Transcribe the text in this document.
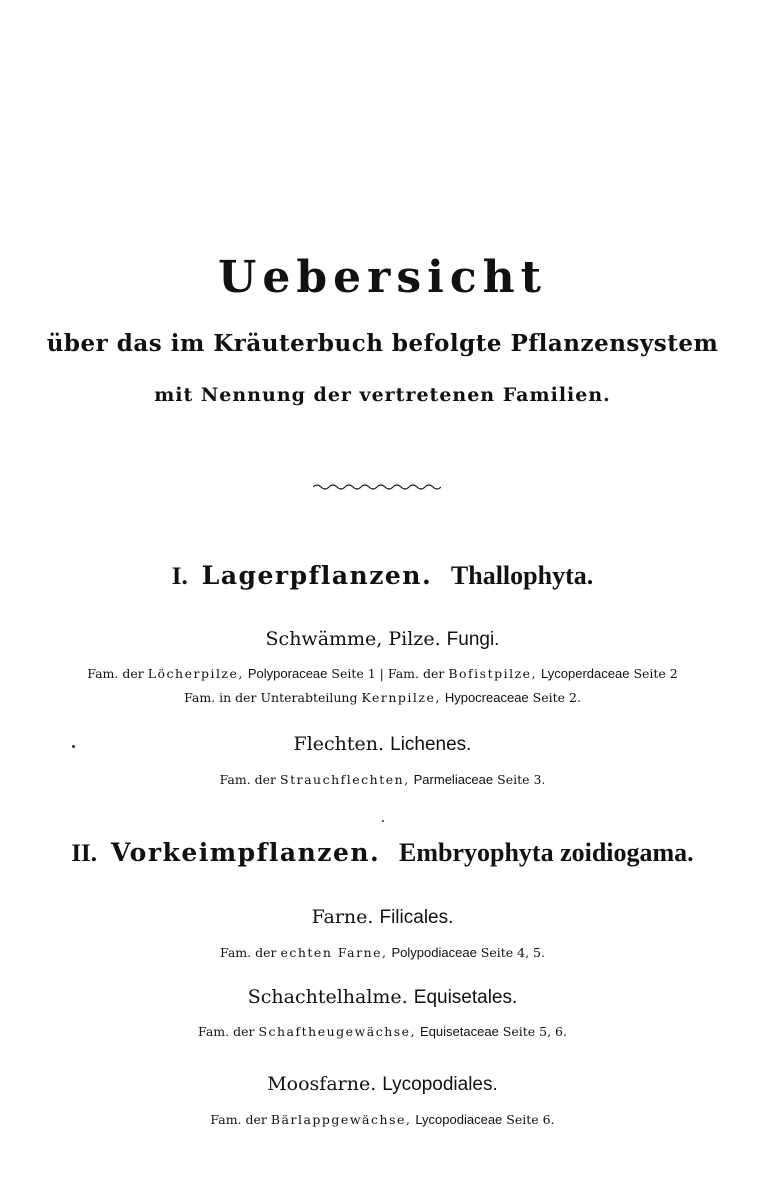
Uebersicht
über das im Kräuterbuch befolgte Pflanzensystem
mit Nennung der vertretenen Familien.
I. Lagerpflanzen. Thallophyta.
Schwämme, Pilze. Fungi.
Fam. der Löcherpilze, Polyporaceae Seite 1 | Fam. der Bofistpilze, Lycoperdaceae Seite 2
Fam. in der Unterabteilung Kernpilze, Hypocreaceae Seite 2.
Flechten. Lichenes.
Fam. der Strauchflechten, Parmeliaceae Seite 3.
II. Vorkeimpflanzen. Embryophyta zoidiogama.
Farne. Filicales.
Fam. der echten Farne, Polypodiaceae Seite 4, 5.
Schachtelhalme. Equisetales.
Fam. der Schaftheugewächse, Equisetaceae Seite 5, 6.
Moosfarne. Lycopodiales.
Fam. der Bärlappgewächse, Lycopodiaceae Seite 6.
